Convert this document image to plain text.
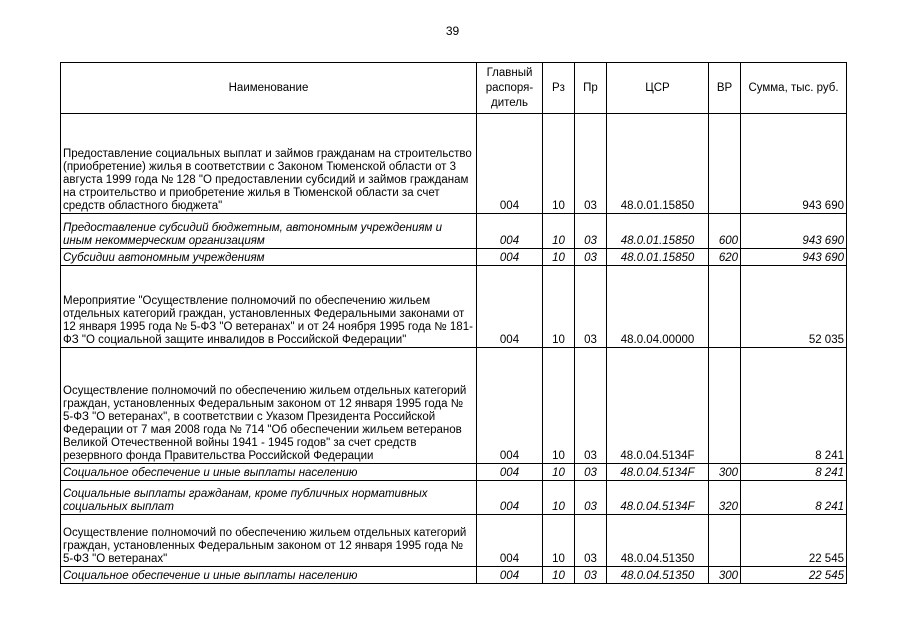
39
Наименование	Главный распоря-дитель	Рз	Пр	ЦСР	ВР	Сумма, тыс. руб.
Предоставление социальных выплат и займов гражданам на строительство (приобретение) жилья в соответствии с Законом Тюменской области от 3 августа 1999 года № 128 "О предоставлении субсидий и займов гражданам на строительство и приобретение жилья в Тюменской области за счет средств областного бюджета"	004	10	03	48.0.01.15850		943 690
Предоставление субсидий бюджетным, автономным учреждениям и иным некоммерческим организациям	004	10	03	48.0.01.15850	600	943 690
Субсидии автономным учреждениям	004	10	03	48.0.01.15850	620	943 690
Мероприятие "Осуществление полномочий по обеспечению жильем отдельных категорий граждан, установленных Федеральными законами от 12 января 1995 года № 5-ФЗ "О ветеранах" и от 24 ноября 1995 года № 181-ФЗ "О социальной защите инвалидов в Российской Федерации"	004	10	03	48.0.04.00000		52 035
Осуществление полномочий по обеспечению жильем отдельных категорий граждан, установленных Федеральным законом от 12 января 1995 года № 5-ФЗ "О ветеранах", в соответствии с Указом Президента Российской Федерации от 7 мая 2008 года № 714 "Об обеспечении жильем ветеранов Великой Отечественной войны 1941 - 1945 годов" за счет средств резервного фонда Правительства Российской Федерации	004	10	03	48.0.04.5134F		8 241
Социальное обеспечение и иные выплаты населению	004	10	03	48.0.04.5134F	300	8 241
Социальные выплаты гражданам, кроме публичных нормативных социальных выплат	004	10	03	48.0.04.5134F	320	8 241
Осуществление полномочий по обеспечению жильем отдельных категорий граждан, установленных Федеральным законом от 12 января 1995 года № 5-ФЗ "О ветеранах"	004	10	03	48.0.04.51350		22 545
Социальное обеспечение и иные выплаты населению	004	10	03	48.0.04.51350	300	22 545
